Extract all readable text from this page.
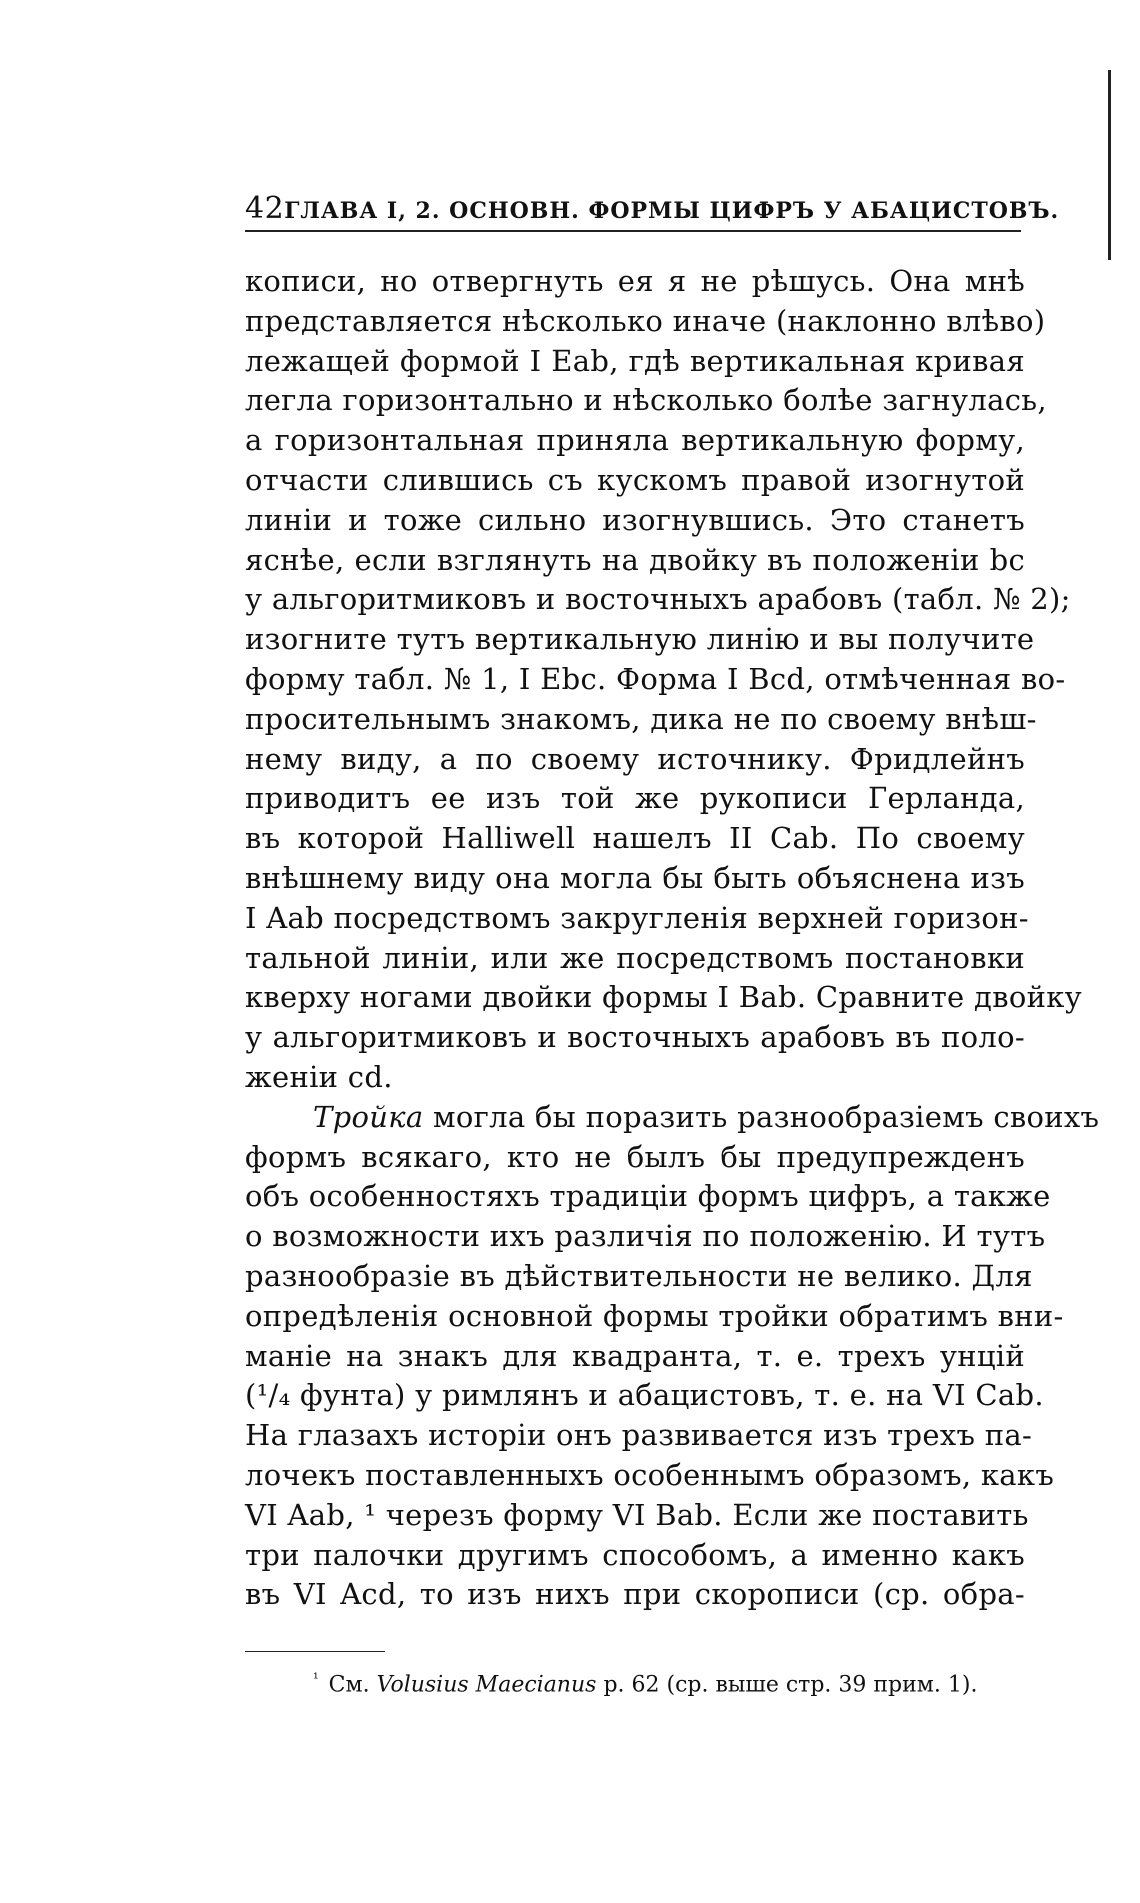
42 ГЛАВА I, 2. ОСНОВН. ФОРМЫ ЦИФРЪ У АБАЦИСТОВЪ.
кописи, но отвергнуть ея я не рѣшусь. Она мнѣ
представляется нѣсколько иначе (наклонно влѣво)
лежащей формой I Eab, гдѣ вертикальная кривая
легла горизонтально и нѣсколько болѣе загнулась,
а горизонтальная приняла вертикальную форму,
отчасти слившись съ кускомъ правой изогнутой
линіи и тоже сильно изогнувшись. Это станетъ
яснѣе, если взглянуть на двойку въ положеніи bc
у альгоритмиковъ и восточныхъ арабовъ (табл. № 2);
изогните тутъ вертикальную линію и вы получите
форму табл. № 1, I Ebc. Форма I Bcd, отмѣченная во-
просительнымъ знакомъ, дика не по своему внѣш-
нему виду, а по своему источнику. Фридлейнъ
приводитъ ее изъ той же рукописи Герланда,
въ которой Halliwell нашелъ II Cab. По своему
внѣшнему виду она могла бы быть объяснена изъ
I Aab посредствомъ закругленія верхней горизон-
тальной линіи, или же посредствомъ постановки
кверху ногами двойки формы I Bab. Сравните двойку
у альгоритмиковъ и восточныхъ арабовъ въ поло-
женіи cd.
Тройка могла бы поразить разнообразіемъ своихъ
формъ всякаго, кто не былъ бы предупрежденъ
объ особенностяхъ традиціи формъ цифръ, а также
о возможности ихъ различія по положенію. И тутъ
разнообразіе въ дѣйствительности не велико. Для
опредѣленія основной формы тройки обратимъ вни-
маніе на знакъ для квадранта, т. е. трехъ унцій
(¹/₄ фунта) у римлянъ и абацистовъ, т. е. на VI Cab.
На глазахъ исторіи онъ развивается изъ трехъ па-
лочекъ поставленныхъ особеннымъ образомъ, какъ
VI Aab, ¹ черезъ форму VI Bab. Если же поставить
три палочки другимъ способомъ, а именно какъ
въ VI Acd, то изъ нихъ при скорописи (ср. обра-
$^{^1}$ См. Volusius Maecianus p. 62 (ср. выше стр. 39 прим. 1).
